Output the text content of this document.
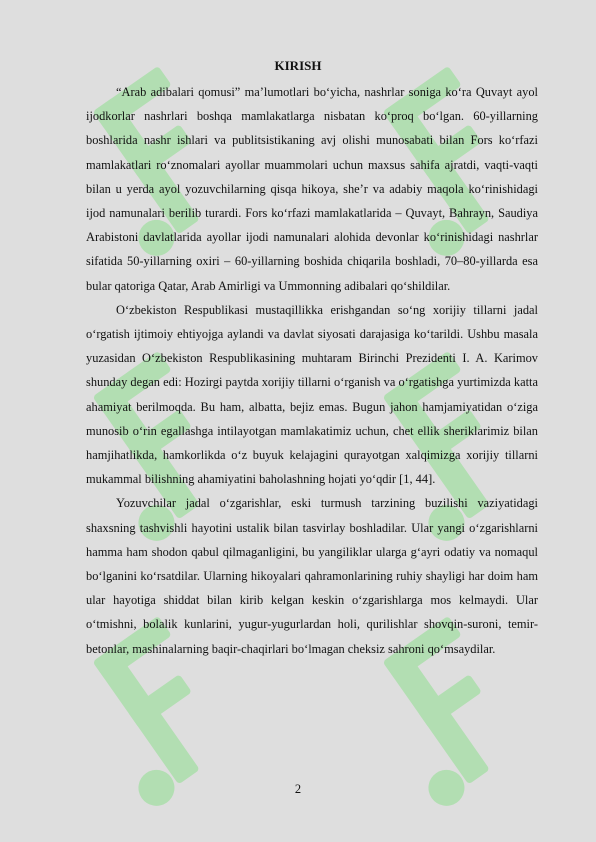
KIRISH

“Arab adibalari qomusi” ma’lumotlari bo‘yicha, nashrlar soniga ko‘ra Quvayt ayol ijodkorlar nashrlari boshqa mamlakatlarga nisbatan ko‘proq bo‘lgan. 60-yillarning boshlarida nashr ishlari va publitsistikaning avj olishi munosabati bilan Fors ko‘rfazi mamlakatlari ro‘znomalari ayollar muammolari uchun maxsus sahifa ajratdi, vaqti-vaqti bilan u yerda ayol yozuvchilarning qisqa hikoya, she’r va adabiy maqola ko‘rinishidagi ijod namunalari berilib turardi. Fors ko‘rfazi mamlakatlarida – Quvayt, Bahrayn, Saudiya Arabistoni davlatlarida ayollar ijodi namunalari alohida devonlar ko‘rinishidagi nashrlar sifatida 50-yillarning oxiri – 60-yillarning boshida chiqarila boshladi, 70–80-yillarda esa bular qatoriga Qatar, Arab Amirligi va Ummonning adibalari qo‘shildilar.

O‘zbekiston Respublikasi mustaqillikka erishgandan so‘ng xorijiy tillarni jadal o‘rgatish ijtimoiy ehtiyojga aylandi va davlat siyosati darajasiga ko‘tarildi. Ushbu masala yuzasidan O‘zbekiston Respublikasining muhtaram Birinchi Prezidenti I. A. Karimov shunday degan edi: Hozirgi paytda xorijiy tillarni o‘rganish va o‘rgatishga yurtimizda katta ahamiyat berilmoqda. Bu ham, albatta, bejiz emas. Bugun jahon hamjamiyatidan o‘ziga munosib o‘rin egallashga intilayotgan mamlakatimiz uchun, chet ellik sheriklarimiz bilan hamjihatlikda, hamkorlikda o‘z buyuk kelajagini qurayotgan xalqimizga xorijiy tillarni mukammal bilishning ahamiyatini baholashning hojati yo‘qdir [1, 44].

Yozuvchilar jadal o‘zgarishlar, eski turmush tarzining buzilishi vaziyatidagi shaxsning tashvishli hayotini ustalik bilan tasvirlay boshladilar. Ular yangi o‘zgarishlarni hamma ham shodon qabul qilmaganligini, bu yangiliklar ularga g‘ayri odatiy va nomaqul bo‘lganini ko‘rsatdilar. Ularning hikoyalari qahramonlarining ruhiy shayligi har doim ham ular hayotiga shiddat bilan kirib kelgan keskin o‘zgarishlarga mos kelmaydi. Ular o‘tmishni, bolalik kunlarini, yugur-yugurlardan holi, qurilishlar shovqin-suroni, temir-betonlar, mashinalarning baqir-chaqirlari bo‘lmagan cheksiz sahroni qo‘msaydilar.

2
